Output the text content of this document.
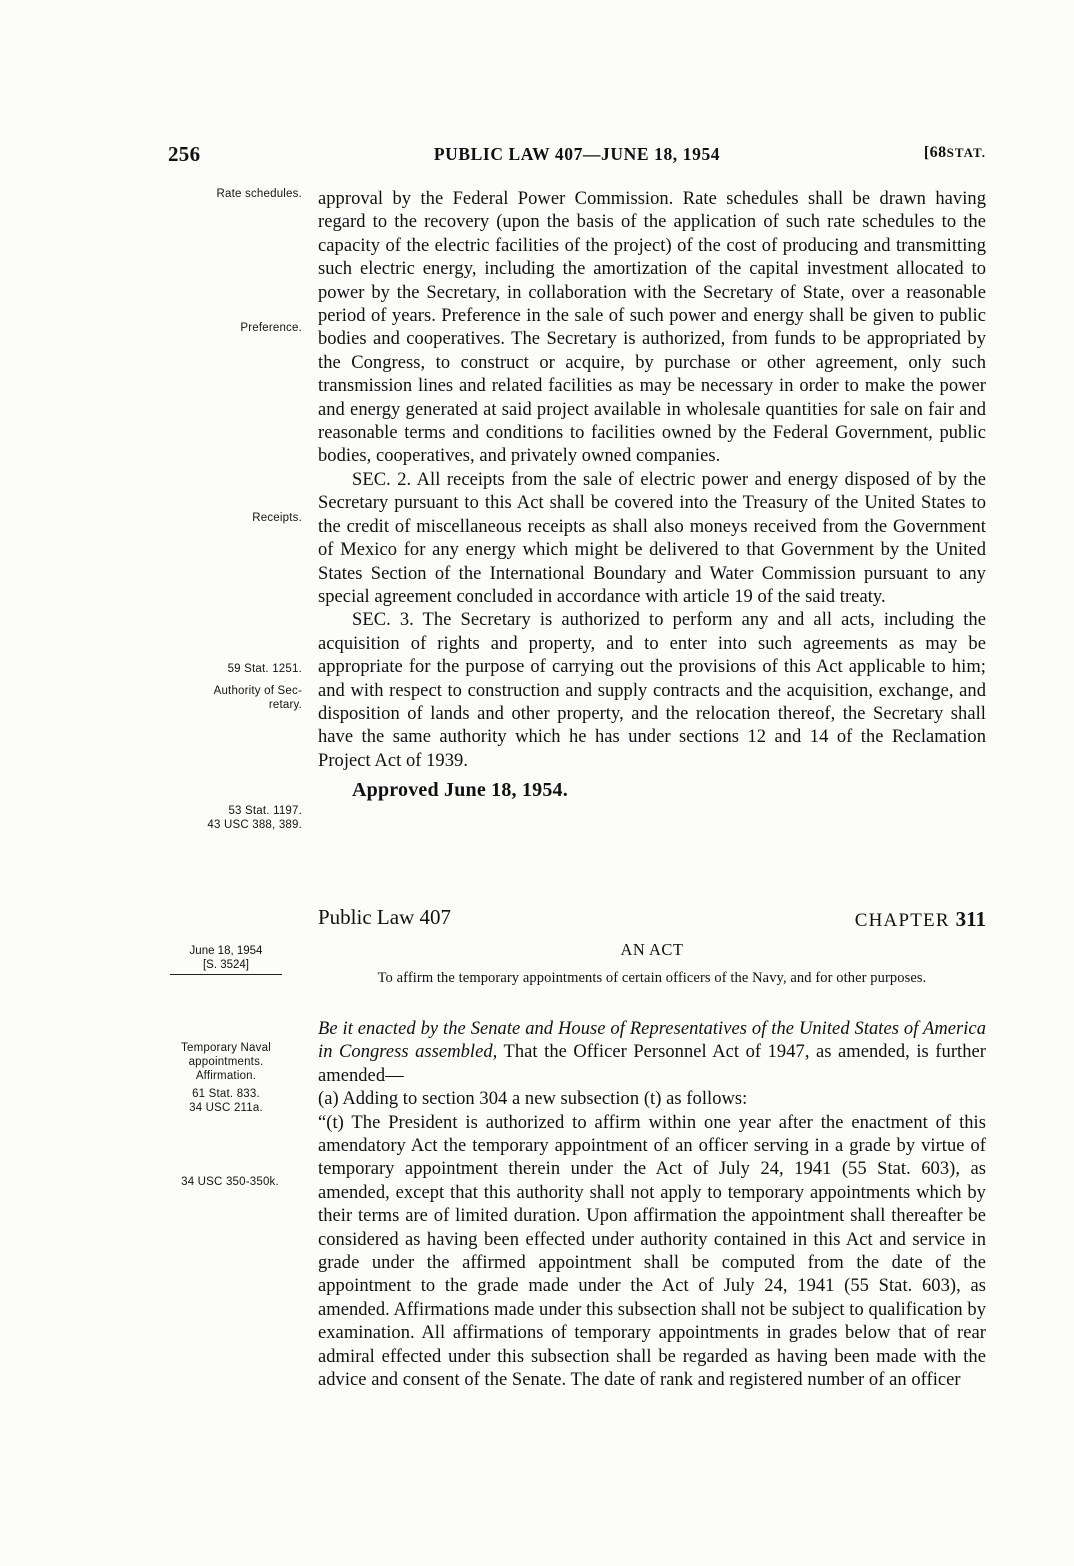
256	PUBLIC LAW 407—JUNE 18, 1954	[68STAT.
Rate schedules.
Preference.
Receipts.
59 Stat. 1251.
Authority of Sec-
retary.
53 Stat. 1197.
43 USC 388, 389.

approval by the Federal Power Commission. Rate schedules shall be drawn having regard to the recovery (upon the basis of the application of such rate schedules to the capacity of the electric facilities of the project) of the cost of producing and transmitting such electric energy, including the amortization of the capital investment allocated to power by the Secretary, in collaboration with the Secretary of State, over a reasonable period of years. Preference in the sale of such power and energy shall be given to public bodies and cooperatives. The Secretary is authorized, from funds to be appropriated by the Congress, to construct or acquire, by purchase or other agreement, only such transmission lines and related facilities as may be necessary in order to make the power and energy generated at said project available in wholesale quantities for sale on fair and reasonable terms and conditions to facilities owned by the Federal Government, public bodies, cooperatives, and privately owned companies.

SEC. 2. All receipts from the sale of electric power and energy disposed of by the Secretary pursuant to this Act shall be covered into the Treasury of the United States to the credit of miscellaneous receipts as shall also moneys received from the Government of Mexico for any energy which might be delivered to that Government by the United States Section of the International Boundary and Water Commission pursuant to any special agreement concluded in accordance with article 19 of the said treaty.

SEC. 3. The Secretary is authorized to perform any and all acts, including the acquisition of rights and property, and to enter into such agreements as may be appropriate for the purpose of carrying out the provisions of this Act applicable to him; and with respect to construction and supply contracts and the acquisition, exchange, and disposition of lands and other property, and the relocation thereof, the Secretary shall have the same authority which he has under sections 12 and 14 of the Reclamation Project Act of 1939.

Approved June 18, 1954.

Public Law 407	CHAPTER 311
June 18, 1954
[S. 3524]
AN ACT
To affirm the temporary appointments of certain officers of the Navy, and for other purposes.
Temporary Naval
appointments.
Affirmation.
61 Stat. 833.
34 USC 211a.
34 USC 350-350k.

Be it enacted by the Senate and House of Representatives of the United States of America in Congress assembled, That the Officer Personnel Act of 1947, as amended, is further amended—

(a) Adding to section 304 a new subsection (t) as follows:

“(t) The President is authorized to affirm within one year after the enactment of this amendatory Act the temporary appointment of an officer serving in a grade by virtue of temporary appointment therein under the Act of July 24, 1941 (55 Stat. 603), as amended, except that this authority shall not apply to temporary appointments which by their terms are of limited duration. Upon affirmation the appointment shall thereafter be considered as having been effected under authority contained in this Act and service in grade under the affirmed appointment shall be computed from the date of the appointment to the grade made under the Act of July 24, 1941 (55 Stat. 603), as amended. Affirmations made under this subsection shall not be subject to qualification by examination. All affirmations of temporary appointments in grades below that of rear admiral effected under this subsection shall be regarded as having been made with the advice and consent of the Senate. The date of rank and registered number of an officer
